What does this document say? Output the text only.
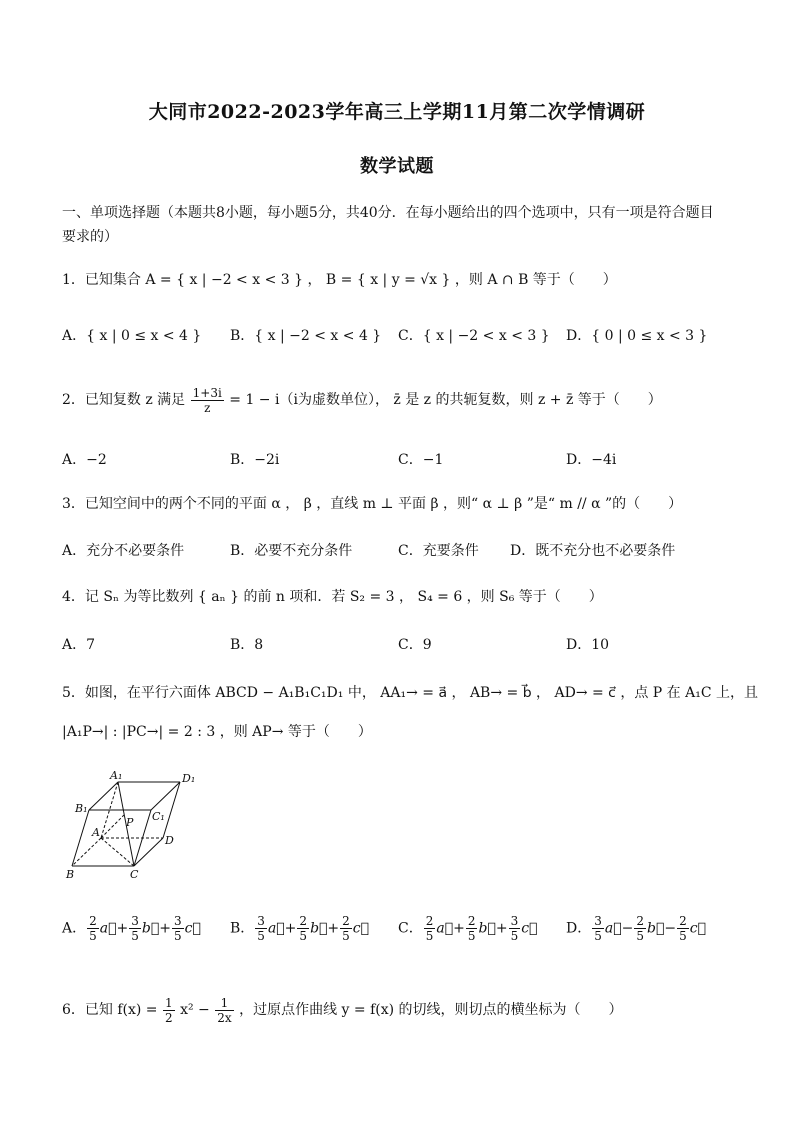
大同市2022-2023学年高三上学期11月第二次学情调研
数学试题
一、单项选择题（本题共8小题，每小题5分，共40分．在每小题给出的四个选项中，只有一项是符合题目
要求的）
1．已知集合 A = { x | −2 < x < 3 } ， B = { x | y = √x } ，则 A ∩ B 等于（　　）
A．{ x | 0 ≤ x < 4 } B．{ x | −2 < x < 4 } C．{ x | −2 < x < 3 } D．{ 0 | 0 ≤ x < 3 }
2．已知复数 z 满足 $\frac{1+3i}{z} = 1 - i(i$为虚数单位）， z̄ 是 z 的共轭复数，则 z + z̄ 等于（　　）
A．−2	B．−2i	C．−1	D．−4i
3．已知空间中的两个不同的平面 α ， β ，直线 m ⊥ 平面 β ，则“ α ⊥ β ”是“ m // α ”的（　　）
A．充分不必要条件	B．必要不充分条件	C．充要条件 D．既不充分也不必要条件
4．记 Sₙ 为等比数列 { aₙ } 的前 n 项和．若 S₂ = 3 ， S₄ = 6 ，则 S₆ 等于（　　）
A．7	B．8	C．9	D．10
5．如图，在平行六面体 ABCD − A₁B₁C₁D₁ 中， AA₁→ = a⃗ ， AB→ = b⃗ ， AD→ = c⃗ ，点 P 在 A₁C 上，且
|A₁P→| : |PC→| = 2 : 3 ，则 AP→ 等于（　　）
A₁	D₁
B₁
C₁
A
P
D
B	C
A． $\frac{2}{5}$ a⃗+ $\frac{3}{5}$ b⃗+ $\frac{3}{5}$ c⃗ B． $\frac{3}{5}$ a⃗+ $\frac{2}{5}$ b⃗+ $\frac{2}{5}$ c⃗ C． $\frac{2}{5}$ a⃗+ $\frac{2}{5}$ b⃗+ $\frac{3}{5}$ c⃗ D． $\frac{3}{5}$ a⃗− $\frac{2}{5}$ b⃗− $\frac{2}{5}$ c⃗
6．已知 $f(x) = \frac{1}{2} x^2 - \frac{1}{2x}$ ，过原点作曲线 y = f(x) 的切线，则切点的横坐标为（　　）
